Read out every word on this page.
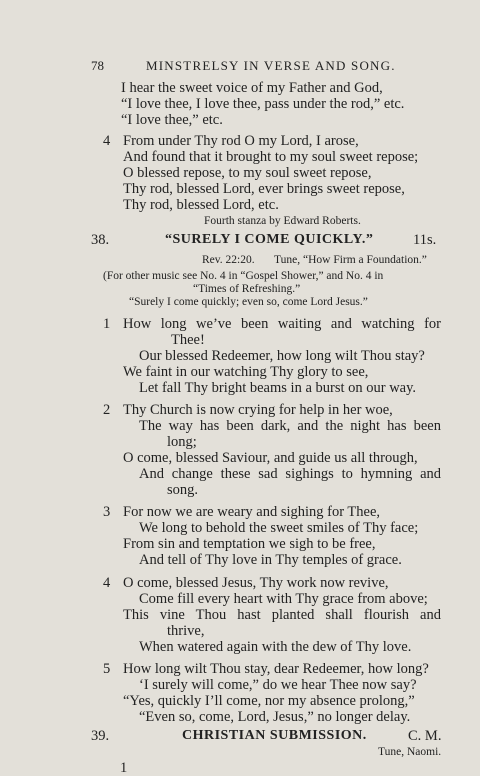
78	MINSTRELSY IN VERSE AND SONG.
I hear the sweet voice of my Father and God,
“I love thee, I love thee, pass under the rod,” etc.
“I love thee,” etc.
4 From under Thy rod O my Lord, I arose,
And found that it brought to my soul sweet repose;
O blessed repose, to my soul sweet repose,
Thy rod, blessed Lord, ever brings sweet repose,
Thy rod, blessed Lord, etc.
Fourth stanza by Edward Roberts.
38.	“SURELY I COME QUICKLY.”	11s.
Rev. 22:20. Tune, “How Firm a Foundation.”
(For other music see No. 4 in “Gospel Shower,” and No. 4 in
“Times of Refreshing.”
“Surely I come quickly; even so, come Lord Jesus.”
1 How long we’ve been waiting and watching for
Thee!
Our blessed Redeemer, how long wilt Thou stay?
We faint in our watching Thy glory to see,
Let fall Thy bright beams in a burst on our way.
2 Thy Church is now crying for help in her woe,
The way has been dark, and the night has been
long;
O come, blessed Saviour, and guide us all through,
And change these sad sighings to hymning and
song.
3 For now we are weary and sighing for Thee,
We long to behold the sweet smiles of Thy face;
From sin and temptation we sigh to be free,
And tell of Thy love in Thy temples of grace.
4 O come, blessed Jesus, Thy work now revive,
Come fill every heart with Thy grace from above;
This vine Thou hast planted shall flourish and
thrive,
When watered again with the dew of Thy love.
5 How long wilt Thou stay, dear Redeemer, how long?
‘I surely will come,” do we hear Thee now say?
“Yes, quickly I’ll come, nor my absence prolong,”
“Even so, come, Lord, Jesus,” no longer delay.
39.	CHRISTIAN SUBMISSION.	C. M.
Tune, Naomi.
1
